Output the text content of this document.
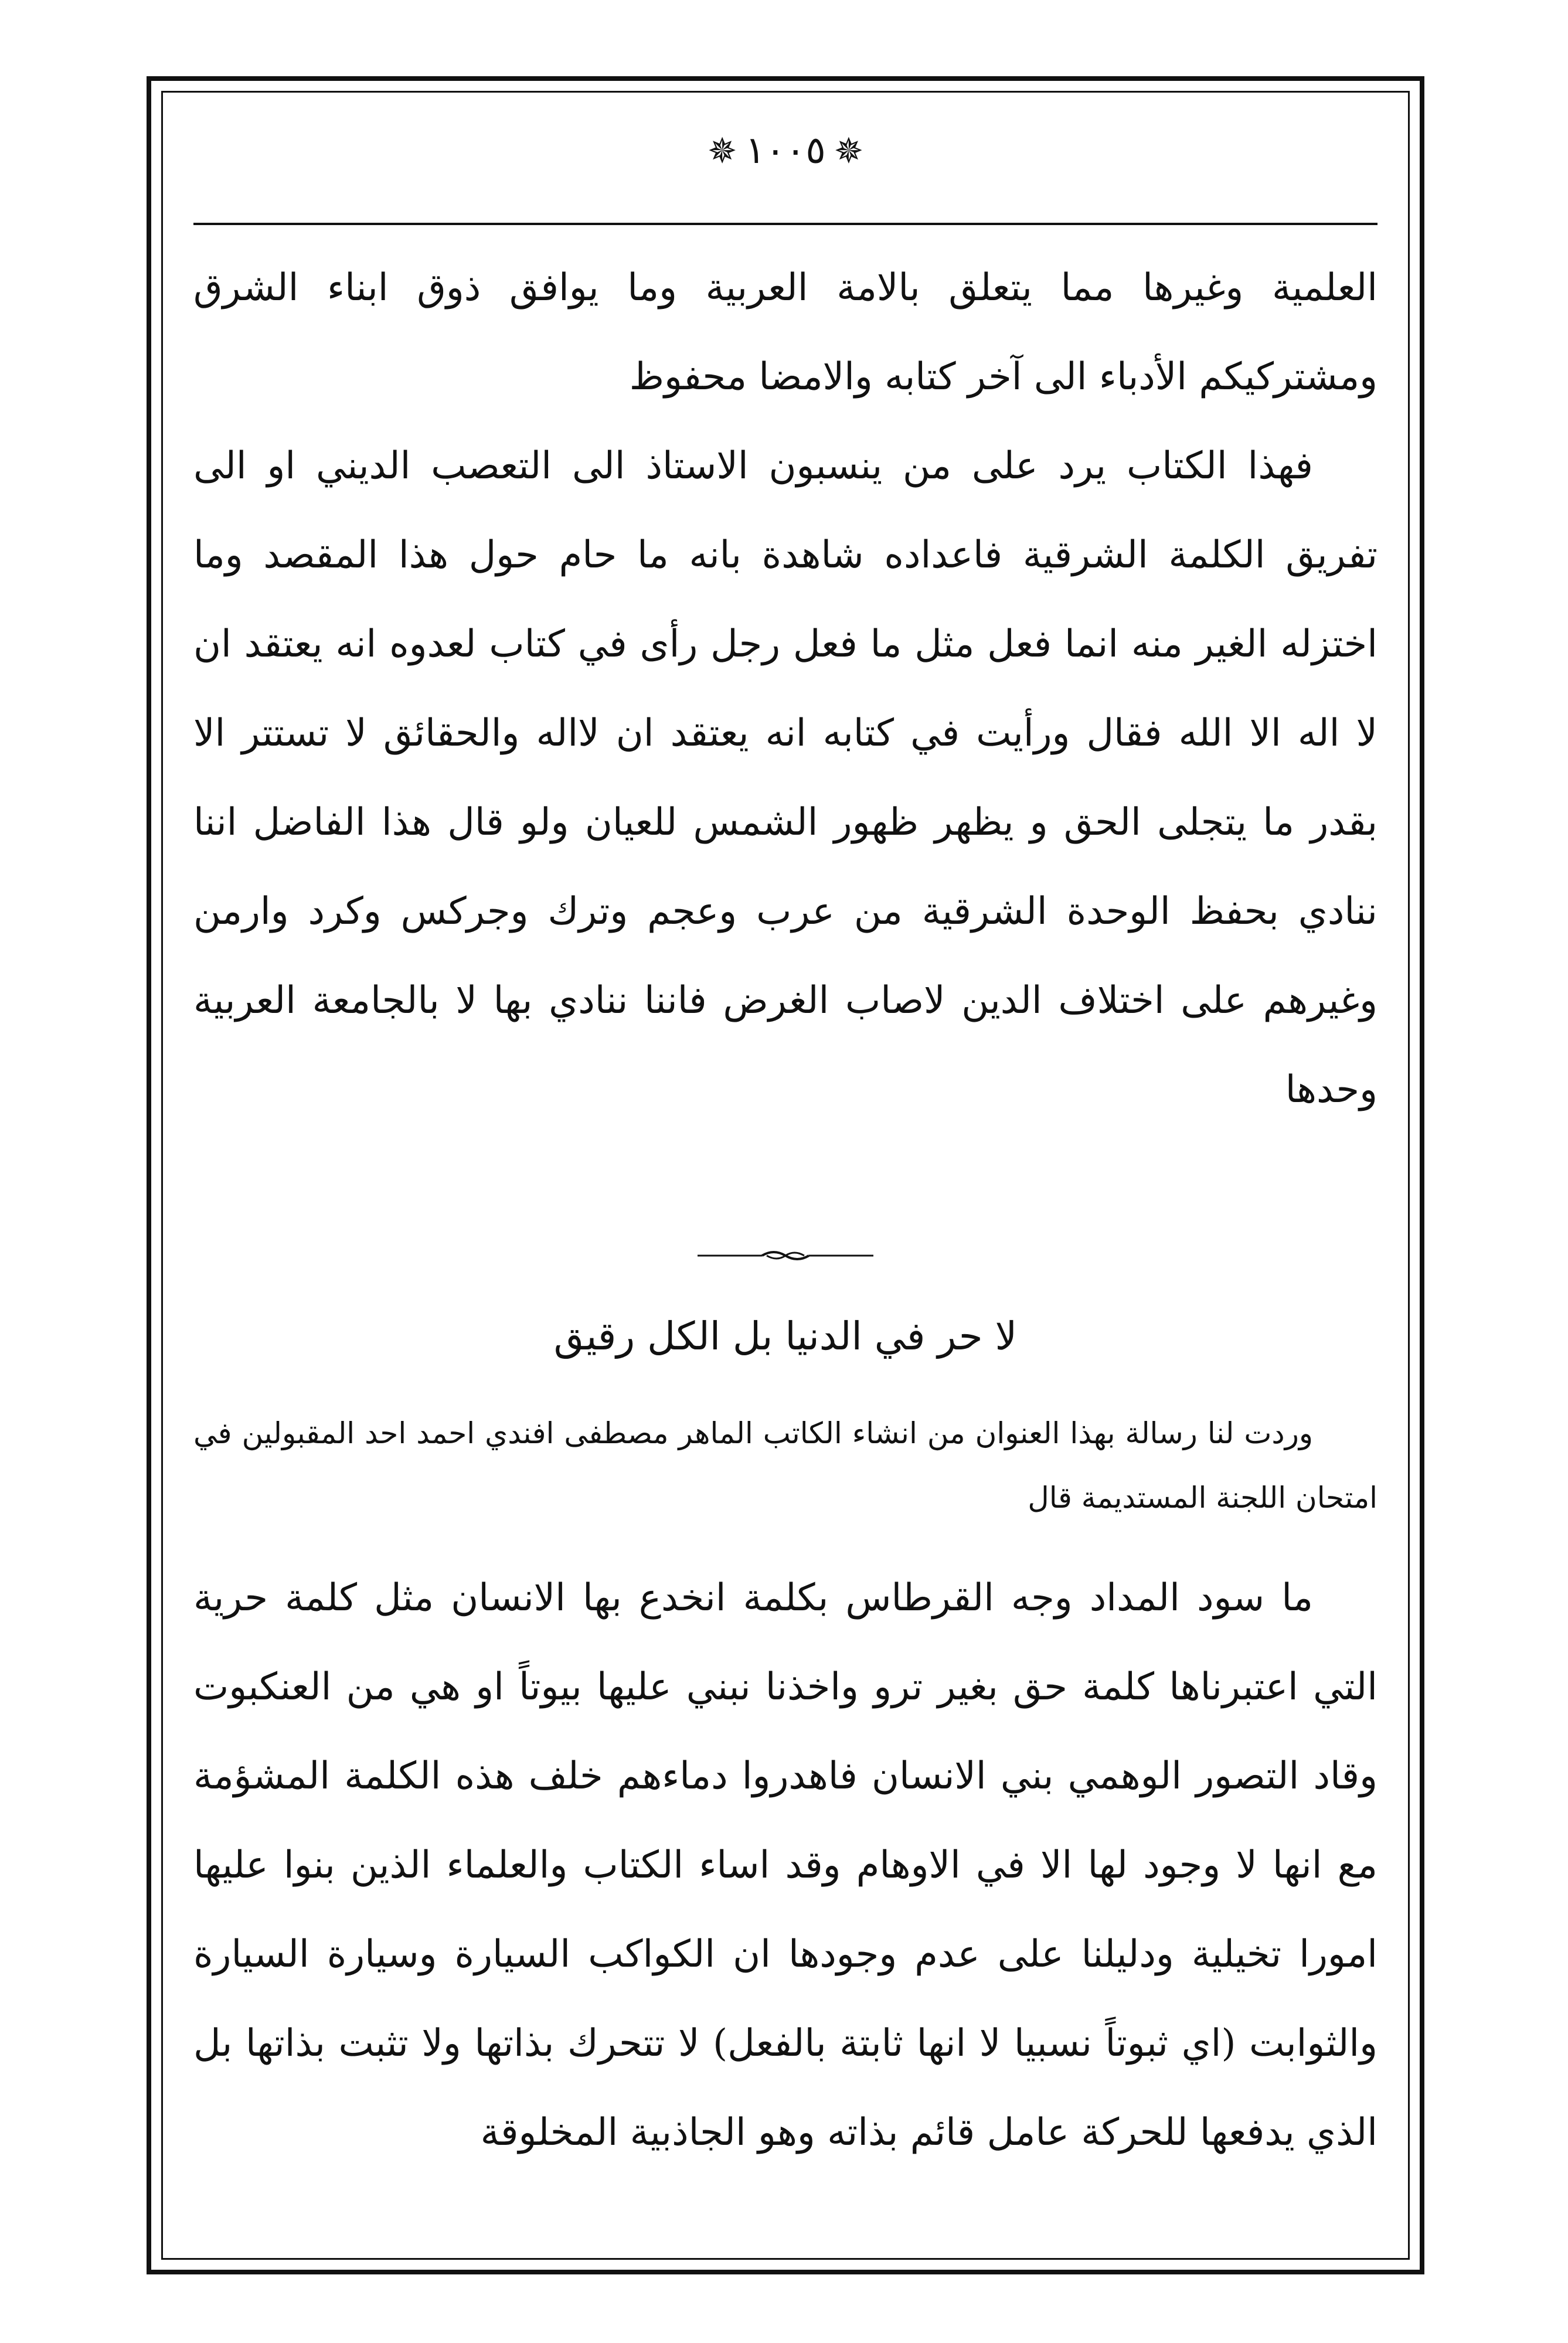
✵١٠٠٥✵

العلمية وغيرها مما يتعلق بالامة العربية وما يوافق ذوق ابناء الشرق ومشتركيكم الأدباء الى آخر كتابه والامضا محفوظ

فهذا الكتاب يرد على من ينسبون الاستاذ الى التعصب الديني او الى تفريق الكلمة الشرقية فاعداده شاهدة بانه ما حام حول هذا المقصد وما اختزله الغير منه انما فعل مثل ما فعل رجل رأى في كتاب لعدوه انه يعتقد ان لا اله الا الله فقال ورأيت في كتابه انه يعتقد ان لااله والحقائق لا تستتر الا بقدر ما يتجلى الحق و يظهر ظهور الشمس للعيان ولو قال هذا الفاضل اننا ننادي بحفظ الوحدة الشرقية من عرب وعجم وترك وجركس وكرد وارمن وغيرهم على اختلاف الدين لاصاب الغرض فاننا ننادي بها لا بالجامعة العربية وحدها

لا حر في الدنيا بل الكل رقيق

وردت لنا رسالة بهذا العنوان من انشاء الكاتب الماهر مصطفى افندي احمد احد المقبولين في امتحان اللجنة المستديمة قال

ما سود المداد وجه القرطاس بكلمة انخدع بها الانسان مثل كلمة حرية التي اعتبرناها كلمة حق بغير ترو واخذنا نبني عليها بيوتاً او هي من العنكبوت وقاد التصور الوهمي بني الانسان فاهدروا دماءهم خلف هذه الكلمة المشؤمة مع انها لا وجود لها الا في الاوهام وقد اساء الكتاب والعلماء الذين بنوا عليها امورا تخيلية ودليلنا على عدم وجودها ان الكواكب السيارة وسيارة السيارة والثوابت (اي ثبوتاً نسبيا لا انها ثابتة بالفعل) لا تتحرك بذاتها ولا تثبت بذاتها بل الذي يدفعها للحركة عامل قائم بذاته وهو الجاذبية المخلوقة
